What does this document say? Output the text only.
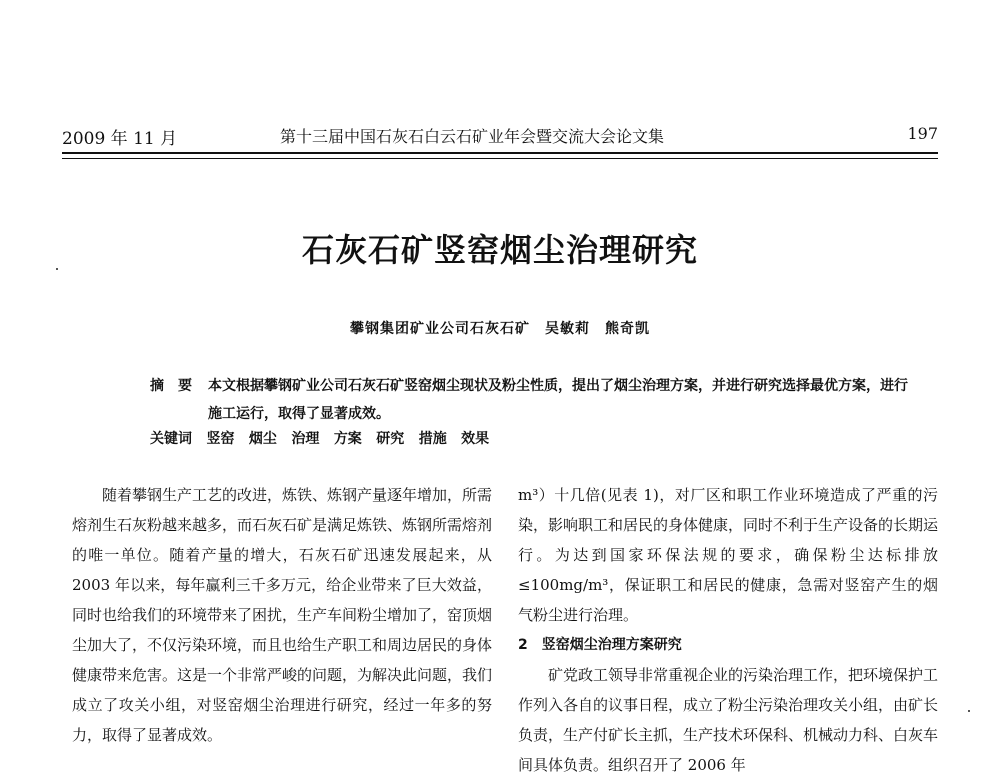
2009 年 11 月	第十三届中国石灰石白云石矿业年会暨交流大会论文集	197
石灰石矿竖窑烟尘治理研究
攀钢集团矿业公司石灰石矿　吴敏莉　熊奇凯
摘　要 本文根据攀钢矿业公司石灰石矿竖窑烟尘现状及粉尘性质，提出了烟尘治理方案，并进行研究选择最优方案，进行施工运行，取得了显著成效。
关键词 竖窑 烟尘 治理 方案 研究 措施 效果

随着攀钢生产工艺的改进，炼铁、炼钢产量逐年增加，所需熔剂生石灰粉越来越多，而石灰石矿是满足炼铁、炼钢所需熔剂的唯一单位。随着产量的增大，石灰石矿迅速发展起来，从 2003 年以来，每年赢利三千多万元，给企业带来了巨大效益，同时也给我们的环境带来了困扰，生产车间粉尘增加了，窑顶烟尘加大了，不仅污染环境，而且也给生产职工和周边居民的身体健康带来危害。这是一个非常严峻的问题，为解决此问题，我们成立了攻关小组，对竖窑烟尘治理进行研究，经过一年多的努力，取得了显著成效。

m³）十几倍(见表 1)，对厂区和职工作业环境造成了严重的污染，影响职工和居民的身体健康，同时不利于生产设备的长期运行。为达到国家环保法规的要求，确保粉尘达标排放≤100mg/m³，保证职工和居民的健康，急需对竖窑产生的烟气粉尘进行治理。

2　竖窑烟尘治理方案研究

矿党政工领导非常重视企业的污染治理工作，把环境保护工作列入各自的议事日程，成立了粉尘污染治理攻关小组，由矿长负责，生产付矿长主抓，生产技术环保科、机械动力科、白灰车间具体负责。组织召开了 2006 年
